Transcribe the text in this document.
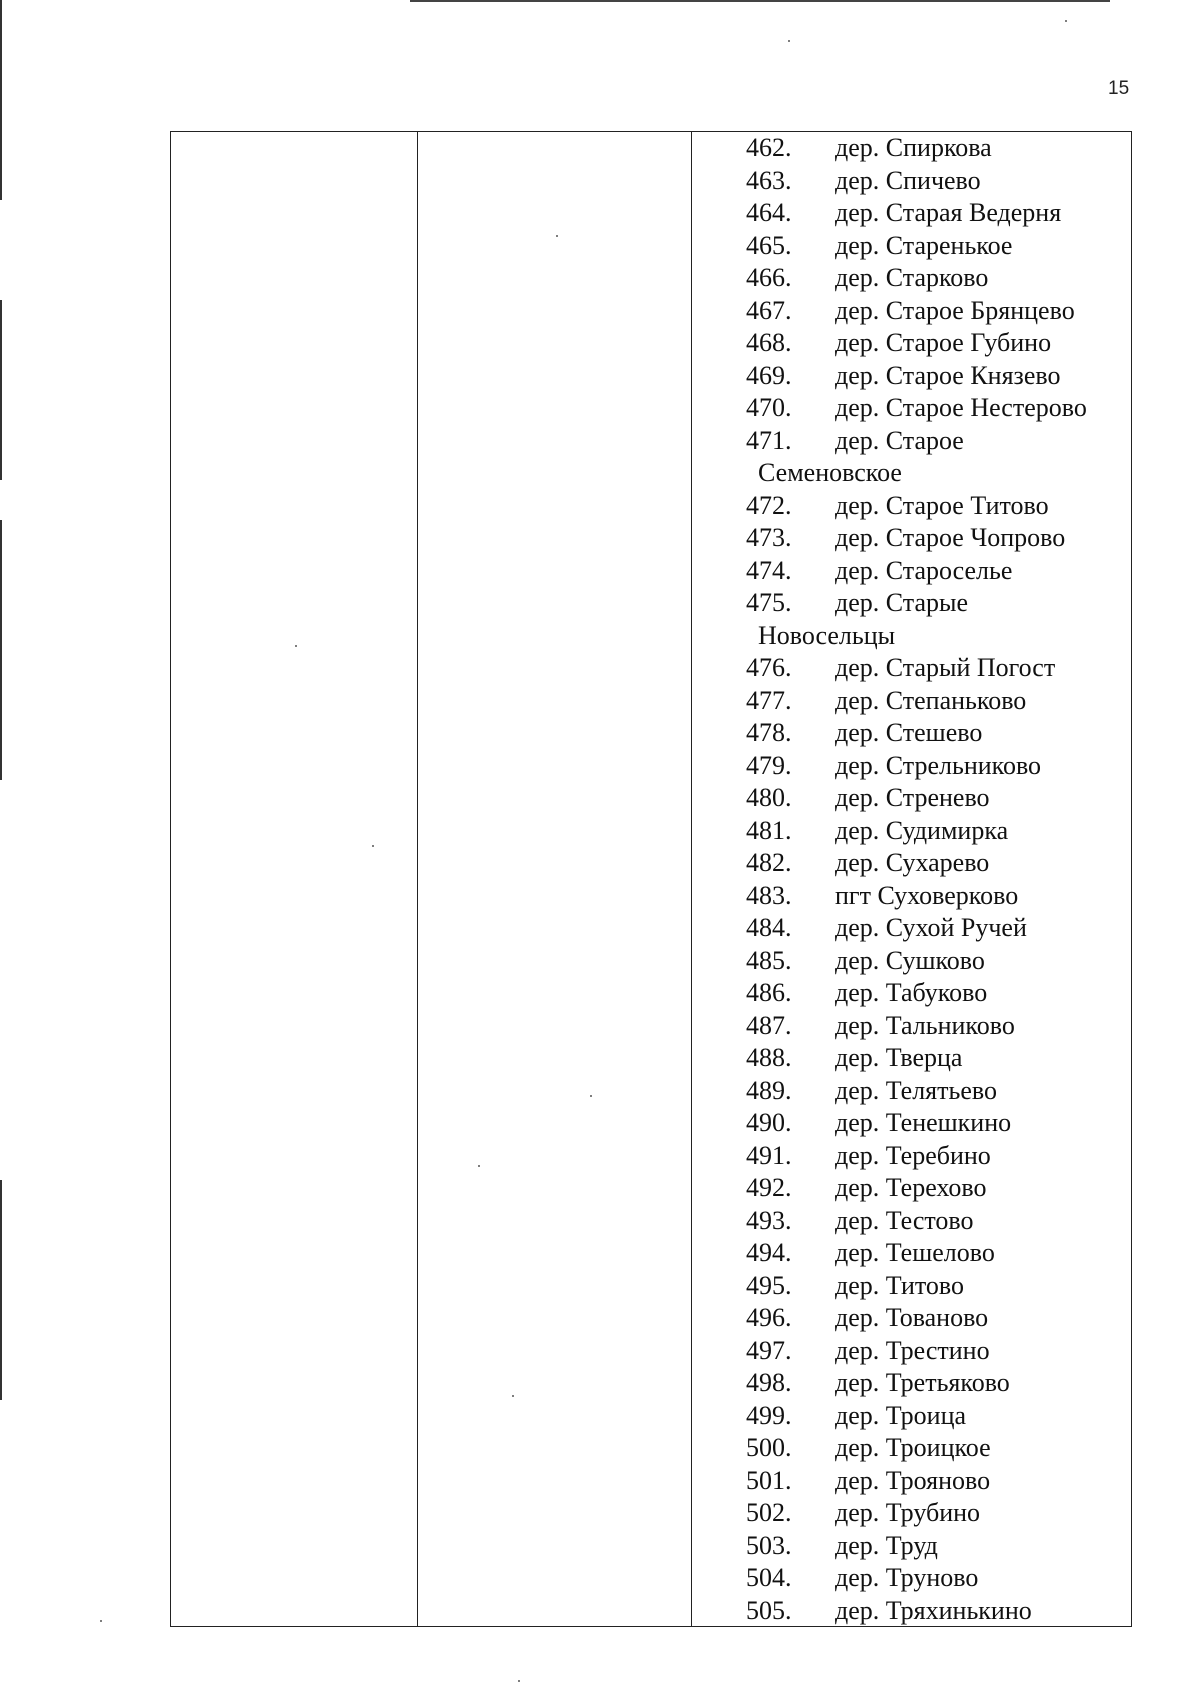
15
462.	дер. Спиркова
463.	дер. Спичево
464.	дер. Старая Ведерня
465.	дер. Старенькое
466.	дер. Старково
467.	дер. Старое Брянцево
468.	дер. Старое Губино
469.	дер. Старое Князево
470.	дер. Старое Нестерово
471.	дер. Старое
Семеновское
472.	дер. Старое Титово
473.	дер. Старое Чопрово
474.	дер. Староселье
475.	дер. Старые
Новосельцы
476.	дер. Старый Погост
477.	дер. Степаньково
478.	дер. Стешево
479.	дер. Стрельниково
480.	дер. Стренево
481.	дер. Судимирка
482.	дер. Сухарево
483.	пгт Суховерково
484.	дер. Сухой Ручей
485.	дер. Сушково
486.	дер. Табуково
487.	дер. Тальниково
488.	дер. Тверца
489.	дер. Телятьево
490.	дер. Тенешкино
491.	дер. Теребино
492.	дер. Терехово
493.	дер. Тестово
494.	дер. Тешелово
495.	дер. Титово
496.	дер. Тованово
497.	дер. Трестино
498.	дер. Третьяково
499.	дер. Троица
500.	дер. Троицкое
501.	дер. Трояново
502.	дер. Трубино
503.	дер. Труд
504.	дер. Труново
505.	дер. Тряхинькино
